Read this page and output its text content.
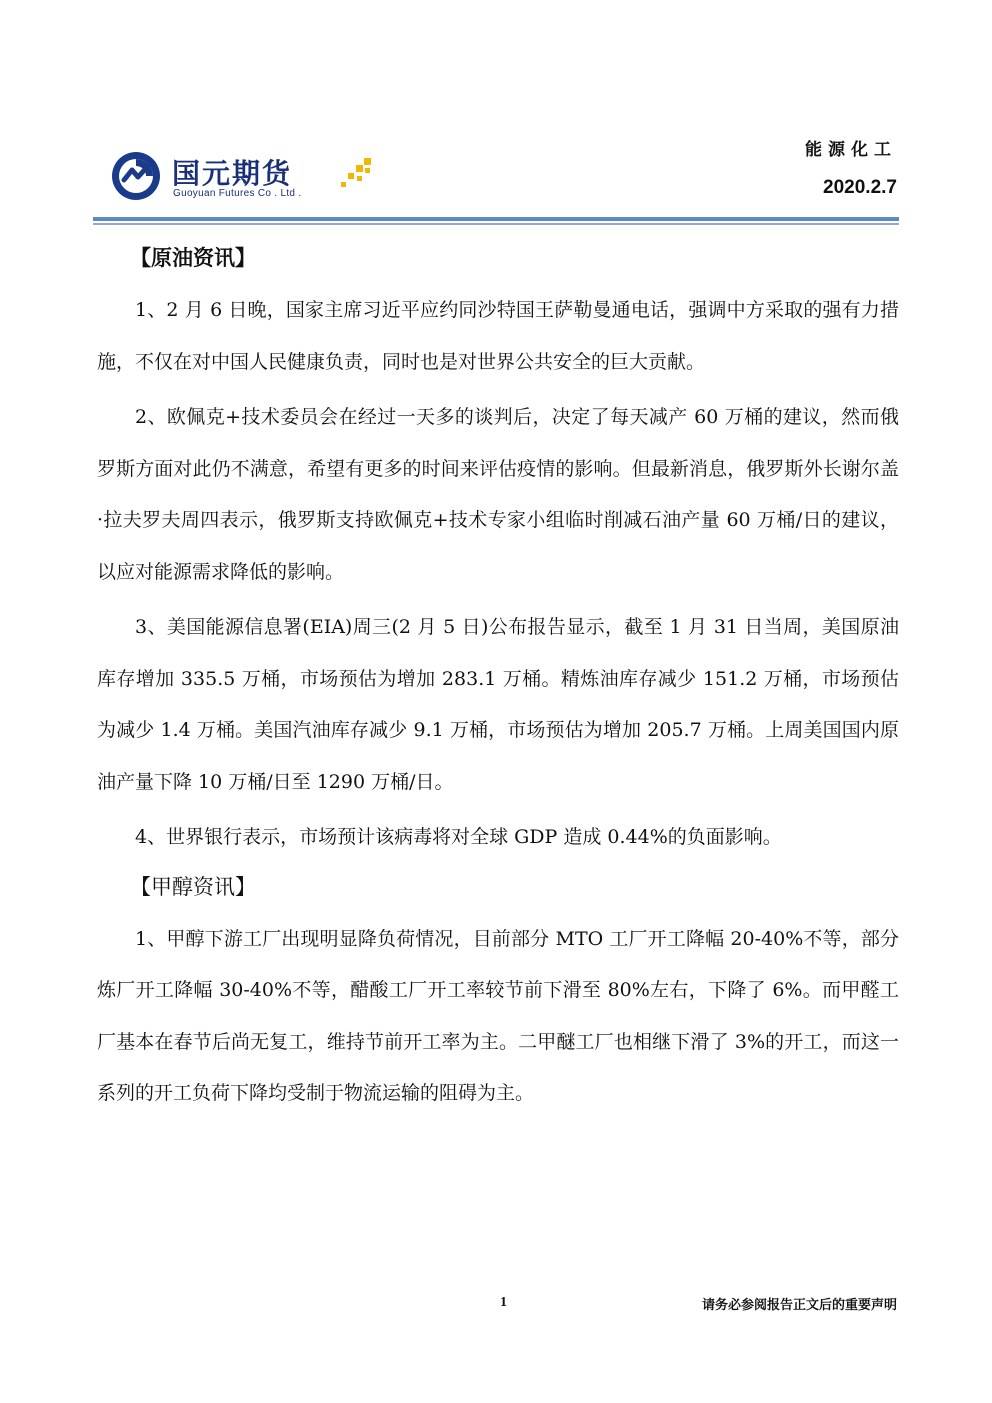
国元期货
Guoyuan Futures Co . Ltd .
能源化工
2020.2.7
【原油资讯】

1、2 月 6 日晚，国家主席习近平应约同沙特国王萨勒曼通电话，强调中方采取的强有力措施，不仅在对中国人民健康负责，同时也是对世界公共安全的巨大贡献。

2、欧佩克+技术委员会在经过一天多的谈判后，决定了每天减产 60 万桶的建议，然而俄罗斯方面对此仍不满意，希望有更多的时间来评估疫情的影响。但最新消息，俄罗斯外长谢尔盖·拉夫罗夫周四表示，俄罗斯支持欧佩克+技术专家小组临时削减石油产量 60 万桶/日的建议，以应对能源需求降低的影响。

3、美国能源信息署(EIA)周三(2 月 5 日)公布报告显示，截至 1 月 31 日当周，美国原油库存增加 335.5 万桶，市场预估为增加 283.1 万桶。精炼油库存减少 151.2 万桶，市场预估为减少 1.4 万桶。美国汽油库存减少 9.1 万桶，市场预估为增加 205.7 万桶。上周美国国内原油产量下降 10 万桶/日至 1290 万桶/日。

4、世界银行表示，市场预计该病毒将对全球 GDP 造成 0.44%的负面影响。

【甲醇资讯】

1、甲醇下游工厂出现明显降负荷情况，目前部分 MTO 工厂开工降幅 20-40%不等，部分炼厂开工降幅 30-40%不等，醋酸工厂开工率较节前下滑至 80%左右，下降了 6%。而甲醛工厂基本在春节后尚无复工，维持节前开工率为主。二甲醚工厂也相继下滑了 3%的开工，而这一系列的开工负荷下降均受制于物流运输的阻碍为主。

1	请务必参阅报告正文后的重要声明
